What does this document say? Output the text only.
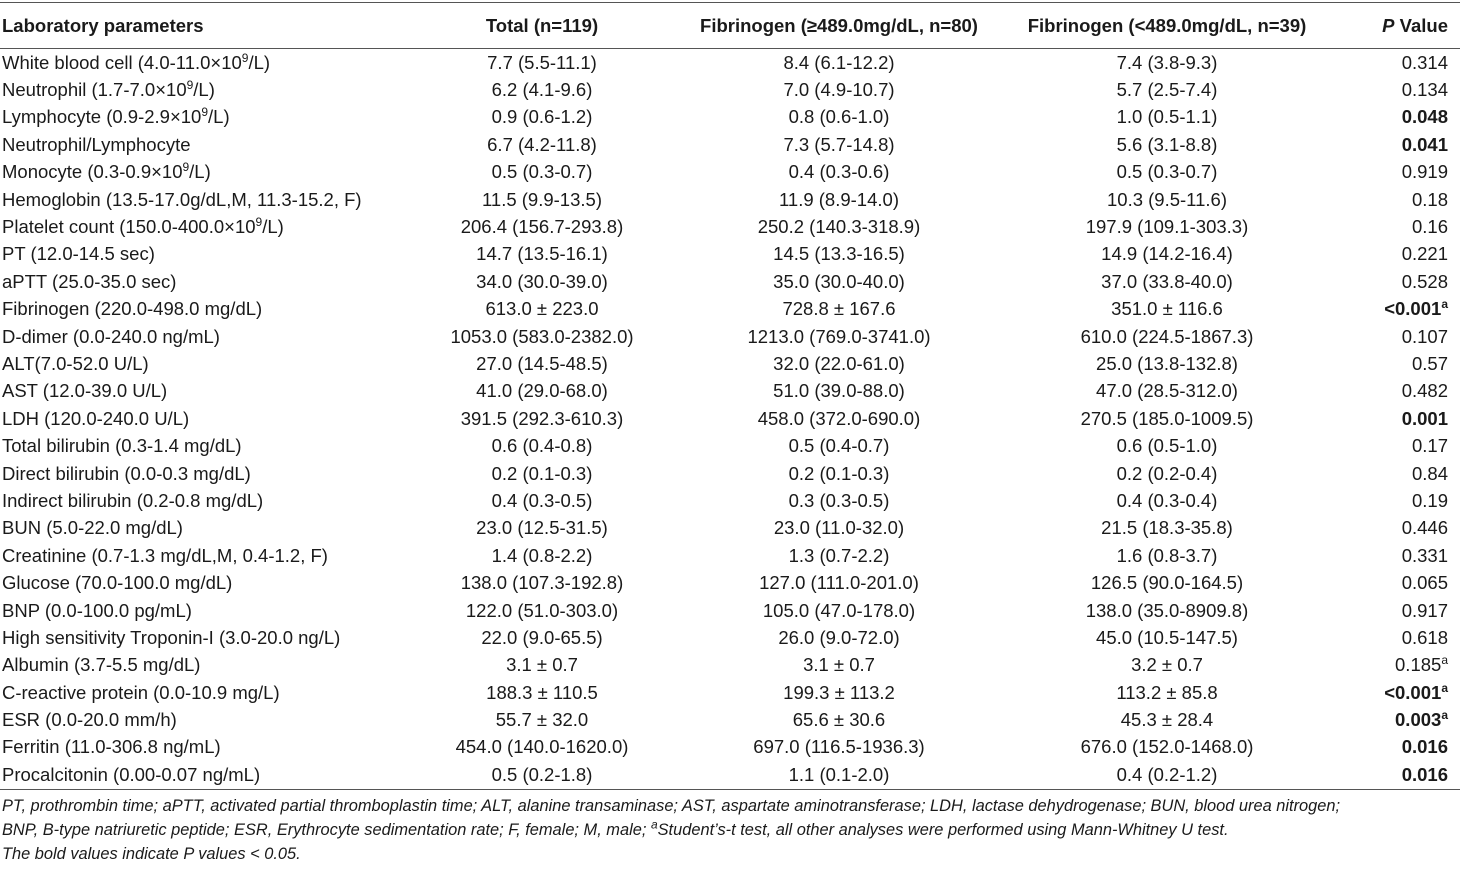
Laboratory parameters	Total (n=119)	Fibrinogen (≥489.0mg/dL, n=80)	Fibrinogen (<489.0mg/dL, n=39)	P Value
White blood cell $(4.0-11.0\times 10^9/L)$	7.7 (5.5-11.1)	8.4 (6.1-12.2)	7.4 (3.8-9.3)	0.314
Neutrophil $(1.7-7.0\times 10^9/L)$	6.2 (4.1-9.6)	7.0 (4.9-10.7)	5.7 (2.5-7.4)	0.134
Lymphocyte $(0.9-2.9\times 10^9/L)$	0.9 (0.6-1.2)	0.8 (0.6-1.0)	1.0 (0.5-1.1)	0.048
Neutrophil/Lymphocyte	6.7 (4.2-11.8)	7.3 (5.7-14.8)	5.6 (3.1-8.8)	0.041
Monocyte $(0.3-0.9\times 10^9/L)$	0.5 (0.3-0.7)	0.4 (0.3-0.6)	0.5 (0.3-0.7)	0.919
Hemoglobin (13.5-17.0g/dL,M, 11.3-15.2, F)	11.5 (9.9-13.5)	11.9 (8.9-14.0)	10.3 (9.5-11.6)	0.18
Platelet count $(150.0-400.0\times 10^9/L)$	206.4 (156.7-293.8)	250.2 (140.3-318.9)	197.9 (109.1-303.3)	0.16
PT (12.0-14.5 sec)	14.7 (13.5-16.1)	14.5 (13.3-16.5)	14.9 (14.2-16.4)	0.221
aPTT (25.0-35.0 sec)	34.0 (30.0-39.0)	35.0 (30.0-40.0)	37.0 (33.8-40.0)	0.528
Fibrinogen (220.0-498.0 mg/dL)	613.0 ± 223.0	728.8 ± 167.6	351.0 ± 116.6	<0.001$^a$
D-dimer (0.0-240.0 ng/mL)	1053.0 (583.0-2382.0)	1213.0 (769.0-3741.0)	610.0 (224.5-1867.3)	0.107
ALT(7.0-52.0 U/L)	27.0 (14.5-48.5)	32.0 (22.0-61.0)	25.0 (13.8-132.8)	0.57
AST (12.0-39.0 U/L)	41.0 (29.0-68.0)	51.0 (39.0-88.0)	47.0 (28.5-312.0)	0.482
LDH (120.0-240.0 U/L)	391.5 (292.3-610.3)	458.0 (372.0-690.0)	270.5 (185.0-1009.5)	0.001
Total bilirubin (0.3-1.4 mg/dL)	0.6 (0.4-0.8)	0.5 (0.4-0.7)	0.6 (0.5-1.0)	0.17
Direct bilirubin (0.0-0.3 mg/dL)	0.2 (0.1-0.3)	0.2 (0.1-0.3)	0.2 (0.2-0.4)	0.84
Indirect bilirubin (0.2-0.8 mg/dL)	0.4 (0.3-0.5)	0.3 (0.3-0.5)	0.4 (0.3-0.4)	0.19
BUN (5.0-22.0 mg/dL)	23.0 (12.5-31.5)	23.0 (11.0-32.0)	21.5 (18.3-35.8)	0.446
Creatinine (0.7-1.3 mg/dL,M, 0.4-1.2, F)	1.4 (0.8-2.2)	1.3 (0.7-2.2)	1.6 (0.8-3.7)	0.331
Glucose (70.0-100.0 mg/dL)	138.0 (107.3-192.8)	127.0 (111.0-201.0)	126.5 (90.0-164.5)	0.065
BNP (0.0-100.0 pg/mL)	122.0 (51.0-303.0)	105.0 (47.0-178.0)	138.0 (35.0-8909.8)	0.917
High sensitivity Troponin-I (3.0-20.0 ng/L)	22.0 (9.0-65.5)	26.0 (9.0-72.0)	45.0 (10.5-147.5)	0.618
Albumin (3.7-5.5 mg/dL)	3.1 ± 0.7	3.1 ± 0.7	3.2 ± 0.7	0.185$^a$
C-reactive protein (0.0-10.9 mg/L)	188.3 ± 110.5	199.3 ± 113.2	113.2 ± 85.8	<0.001$^a$
ESR (0.0-20.0 mm/h)	55.7 ± 32.0	65.6 ± 30.6	45.3 ± 28.4	0.003$^a$
Ferritin (11.0-306.8 ng/mL)	454.0 (140.0-1620.0)	697.0 (116.5-1936.3)	676.0 (152.0-1468.0)	0.016
Procalcitonin (0.00-0.07 ng/mL)	0.5 (0.2-1.8)	1.1 (0.1-2.0)	0.4 (0.2-1.2)	0.016
PT, prothrombin time; aPTT, activated partial thromboplastin time; ALT, alanine transaminase; AST, aspartate aminotransferase; LDH, lactase dehydrogenase; BUN, blood urea nitrogen;
BNP, B-type natriuretic peptide; ESR, Erythrocyte sedimentation rate; F, female; M, male; $^a$Student’s-t test, all other analyses were performed using Mann-Whitney U test.
The bold values indicate P values < 0.05.
